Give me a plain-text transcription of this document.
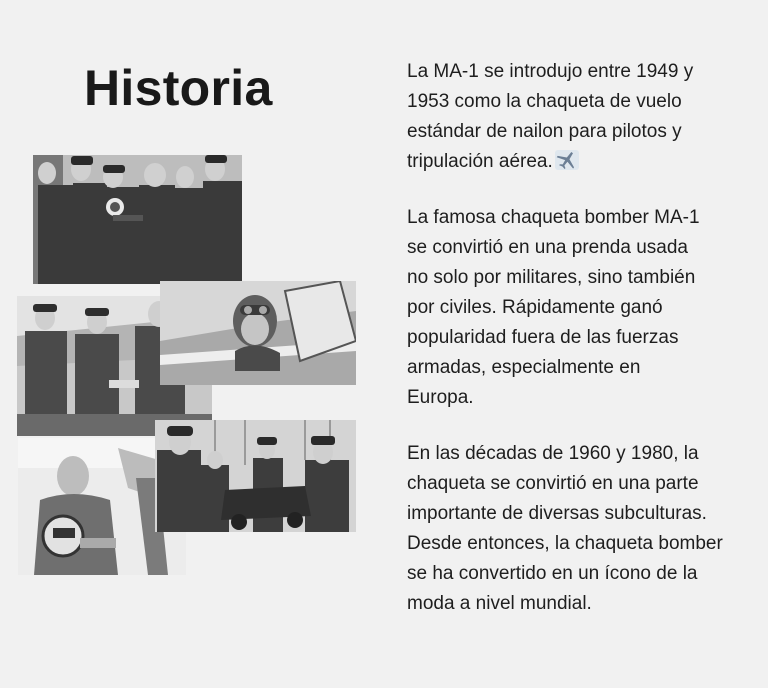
Historia	La MA-1 se introdujo entre 1949 y 1953 como la chaqueta de vuelo estándar de nailon para pilotos y tripulación aérea.

La famosa chaqueta bomber MA-1 se convirtió en una prenda usada no solo por militares, sino también por civiles. Rápidamente ganó popularidad fuera de las fuerzas armadas, especialmente en Europa.

En las décadas de 1960 y 1980, la chaqueta se convirtió en una parte importante de diversas subculturas. Desde entonces, la chaqueta bomber se ha convertido en un ícono de la moda a nivel mundial.
